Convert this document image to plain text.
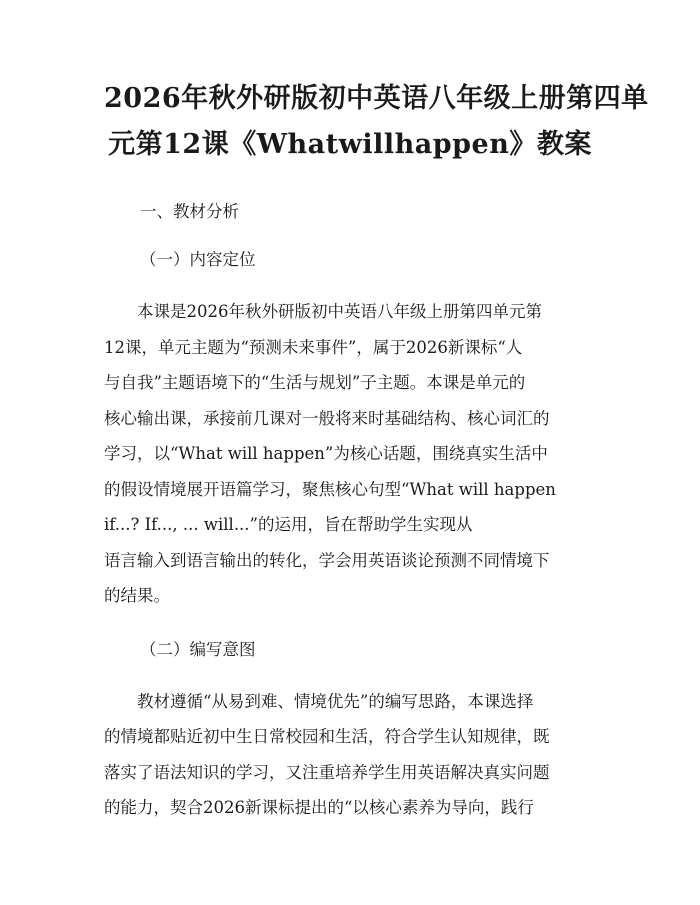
2026年秋外研版初中英语八年级上册第四单
元第12课《Whatwillhappen》教案
一、教材分析
（一）内容定位

本课是2026年秋外研版初中英语八年级上册第四单元第
12课，单元主题为“预测未来事件”，属于2026新课标“人
与自我”主题语境下的“生活与规划”子主题。本课是单元的
核心输出课，承接前几课对一般将来时基础结构、核心词汇的
学习，以“What will happen”为核心话题，围绕真实生活中
的假设情境展开语篇学习，聚焦核心句型“What will happen
if...? If..., ... will...”的运用，旨在帮助学生实现从
语言输入到语言输出的转化，学会用英语谈论预测不同情境下
的结果。

（二）编写意图

教材遵循“从易到难、情境优先”的编写思路，本课选择
的情境都贴近初中生日常校园和生活，符合学生认知规律，既
落实了语法知识的学习，又注重培养学生用英语解决真实问题
的能力，契合2026新课标提出的“以核心素养为导向，践行
